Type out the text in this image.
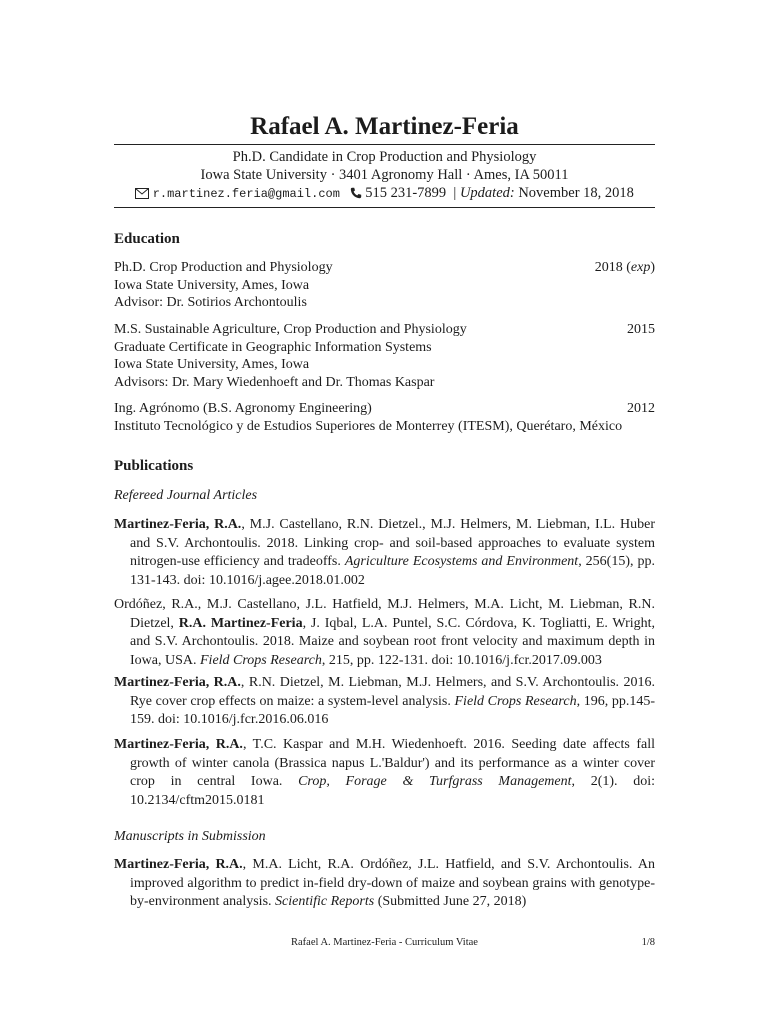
Rafael A. Martinez-Feria
Ph.D. Candidate in Crop Production and Physiology
Iowa State University · 3401 Agronomy Hall · Ames, IA 50011
r.martinez.feria@gmail.com 515 231-7899  | Updated: November 18, 2018
Education
Ph.D. Crop Production and Physiology	2018 (exp)
Iowa State University, Ames, Iowa
Advisor: Dr. Sotirios Archontoulis
M.S. Sustainable Agriculture, Crop Production and Physiology	2015
Graduate Certificate in Geographic Information Systems
Iowa State University, Ames, Iowa
Advisors: Dr. Mary Wiedenhoeft and Dr. Thomas Kaspar
Ing. Agrónomo (B.S. Agronomy Engineering)	2012
Instituto Tecnológico y de Estudios Superiores de Monterrey (ITESM), Querétaro, México
Publications
Refereed Journal Articles
Martinez-Feria, R.A., M.J. Castellano, R.N. Dietzel., M.J. Helmers, M. Liebman, I.L. Huber and S.V. Archontoulis. 2018. Linking crop- and soil-based approaches to evaluate system nitrogen-use efficiency and tradeoffs. Agriculture Ecosystems and Environment, 256(15), pp. 131-143. doi: 10.1016/j.agee.2018.01.002
Ordóñez, R.A., M.J. Castellano, J.L. Hatfield, M.J. Helmers, M.A. Licht, M. Liebman, R.N. Dietzel, R.A. Martinez-Feria, J. Iqbal, L.A. Puntel, S.C. Córdova, K. Togliatti, E. Wright, and S.V. Archontoulis. 2018. Maize and soybean root front velocity and maximum depth in Iowa, USA. Field Crops Research, 215, pp. 122-131. doi: 10.1016/j.fcr.2017.09.003
Martinez-Feria, R.A., R.N. Dietzel, M. Liebman, M.J. Helmers, and S.V. Archontoulis. 2016. Rye cover crop effects on maize: a system-level analysis. Field Crops Research, 196, pp.145-159. doi: 10.1016/j.fcr.2016.06.016
Martinez-Feria, R.A., T.C. Kaspar and M.H. Wiedenhoeft. 2016. Seeding date affects fall growth of winter canola (Brassica napus L.'Baldur') and its performance as a winter cover crop in central Iowa. Crop, Forage & Turfgrass Management, 2(1). doi: 10.2134/cftm2015.0181
Manuscripts in Submission
Martinez-Feria, R.A., M.A. Licht, R.A. Ordóñez, J.L. Hatfield, and S.V. Archontoulis. An improved algorithm to predict in-field dry-down of maize and soybean grains with genotype-by-environment analysis. Scientific Reports (Submitted June 27, 2018)
Rafael A. Martinez-Feria - Curriculum Vitae	1/8
